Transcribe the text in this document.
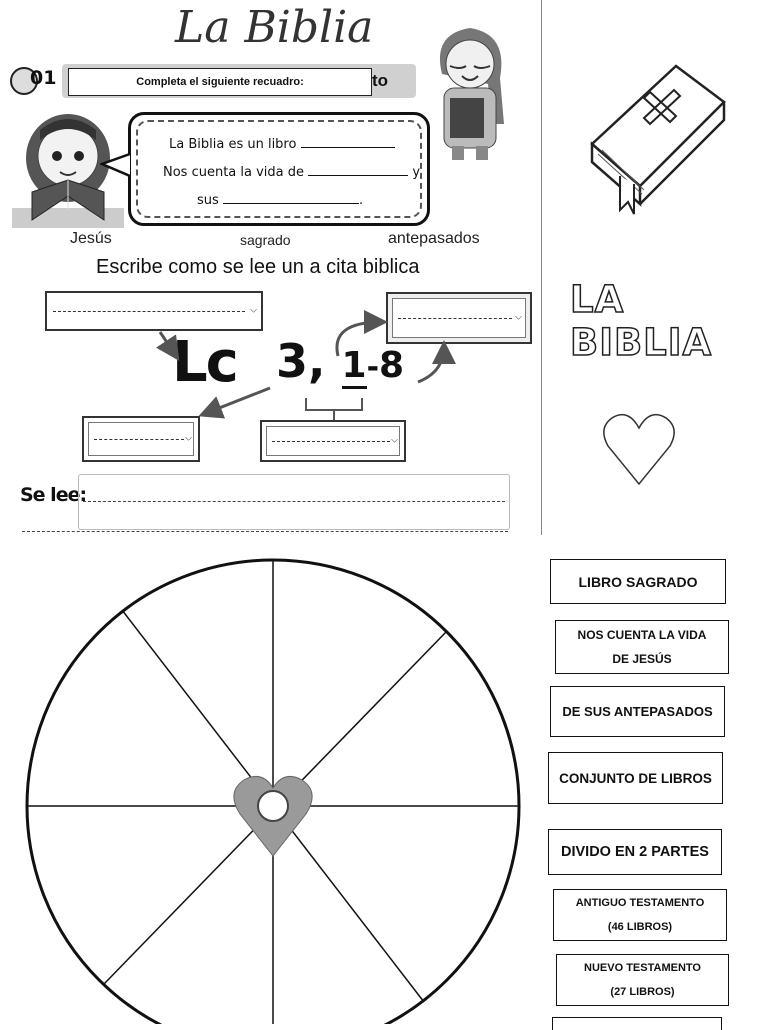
La Biblia
01	Completa el siguiente recuadro:	to
La Biblia es un libro
Nos cuenta la vida de	y
sus	.
Jesús	sagrado	antepasados
Escribe como se lee un a cita biblica
⌵
⌵
⌵	⌵
Lc 3, 1-8
Se lee:
LA BIBLIA
LIBRO SAGRADO
NOS CUENTA LA VIDA
DE JESÚS
DE SUS ANTEPASADOS
CONJUNTO DE LIBROS
DIVIDO EN 2 PARTES
ANTIGUO TESTAMENTO
(46 LIBROS)
NUEVO TESTAMENTO
(27 LIBROS)
